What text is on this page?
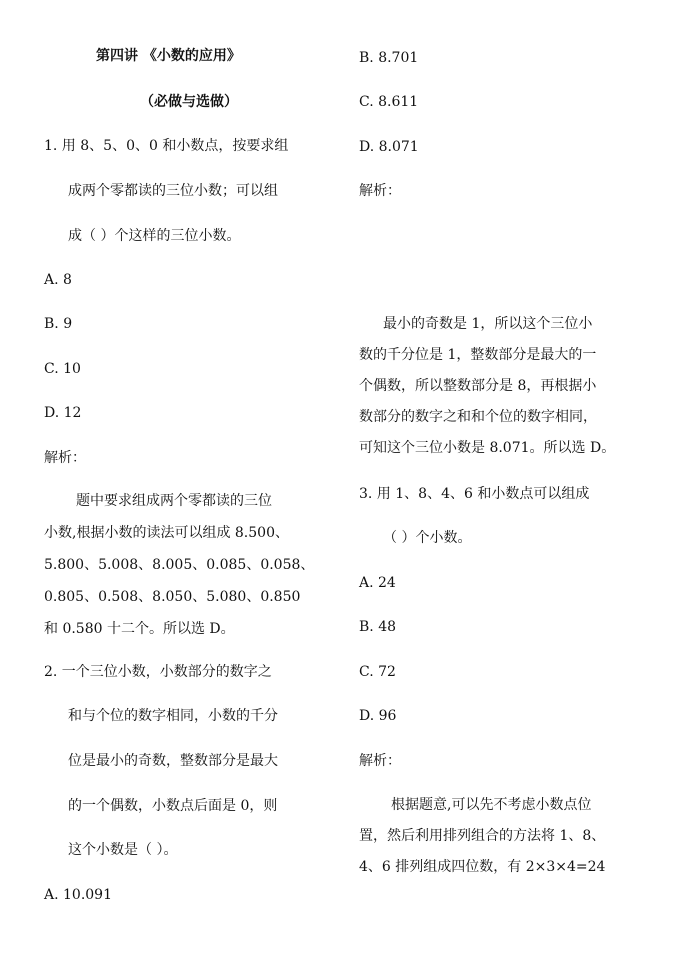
第四讲 《小数的应用》
（必做与选做）
1. 用 8、5、0、0 和小数点，按要求组
成两个零都读的三位小数；可以组
成（ ）个这样的三位小数。
A. 8
B. 9
C. 10
D. 12
解析：
题中要求组成两个零都读的三位
小数,根据小数的读法可以组成 8.500、
5.800、5.008、8.005、0.085、0.058、
0.805、0.508、8.050、5.080、0.850
和 0.580 十二个。所以选 D。
2. 一个三位小数，小数部分的数字之
和与个位的数字相同，小数的千分
位是最小的奇数，整数部分是最大
的一个偶数，小数点后面是 0，则
这个小数是（ ）。
A. 10.091
B. 8.701
C. 8.611
D. 8.071
解析：
最小的奇数是 1，所以这个三位小
数的千分位是 1，整数部分是最大的一
个偶数，所以整数部分是 8，再根据小
数部分的数字之和和个位的数字相同，
可知这个三位小数是 8.071。所以选 D。
3. 用 1、8、4、6 和小数点可以组成
（ ）个小数。
A. 24
B. 48
C. 72
D. 96
解析：
根据题意,可以先不考虑小数点位
置，然后利用排列组合的方法将 1、8、
4、6 排列组成四位数，有 2×3×4=24
